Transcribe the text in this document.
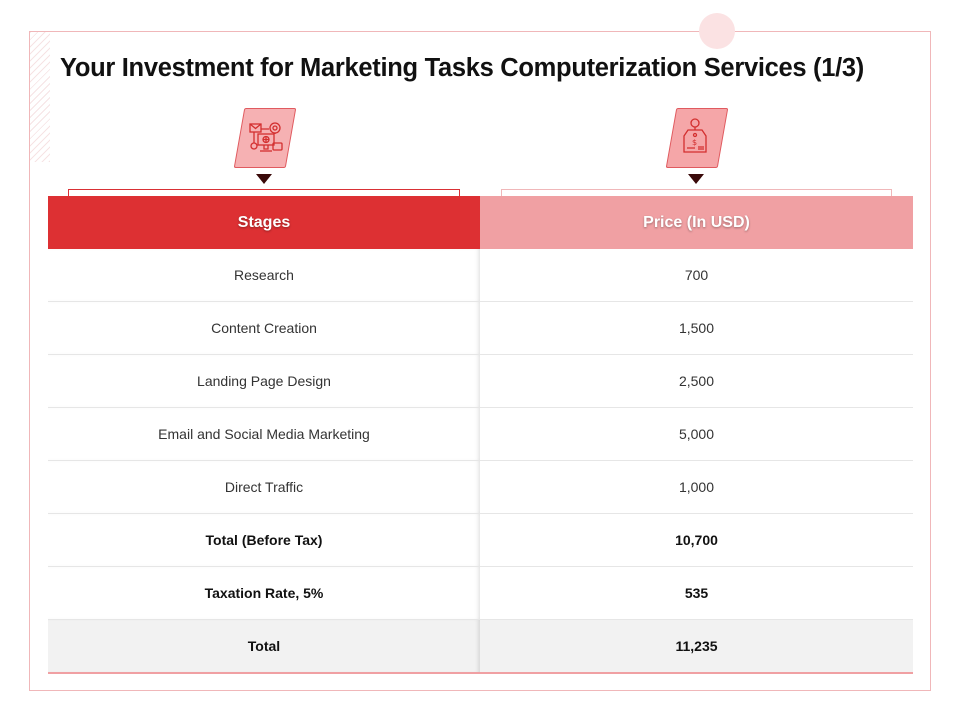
Your Investment for Marketing Tasks Computerization Services (1/3)
$
Stages	Price (In USD)
Research	700
Content Creation	1,500
Landing Page Design	2,500
Email and Social Media Marketing	5,000
Direct Traffic	1,000
Total (Before Tax)	10,700
Taxation Rate, 5%	535
Total	11,235
